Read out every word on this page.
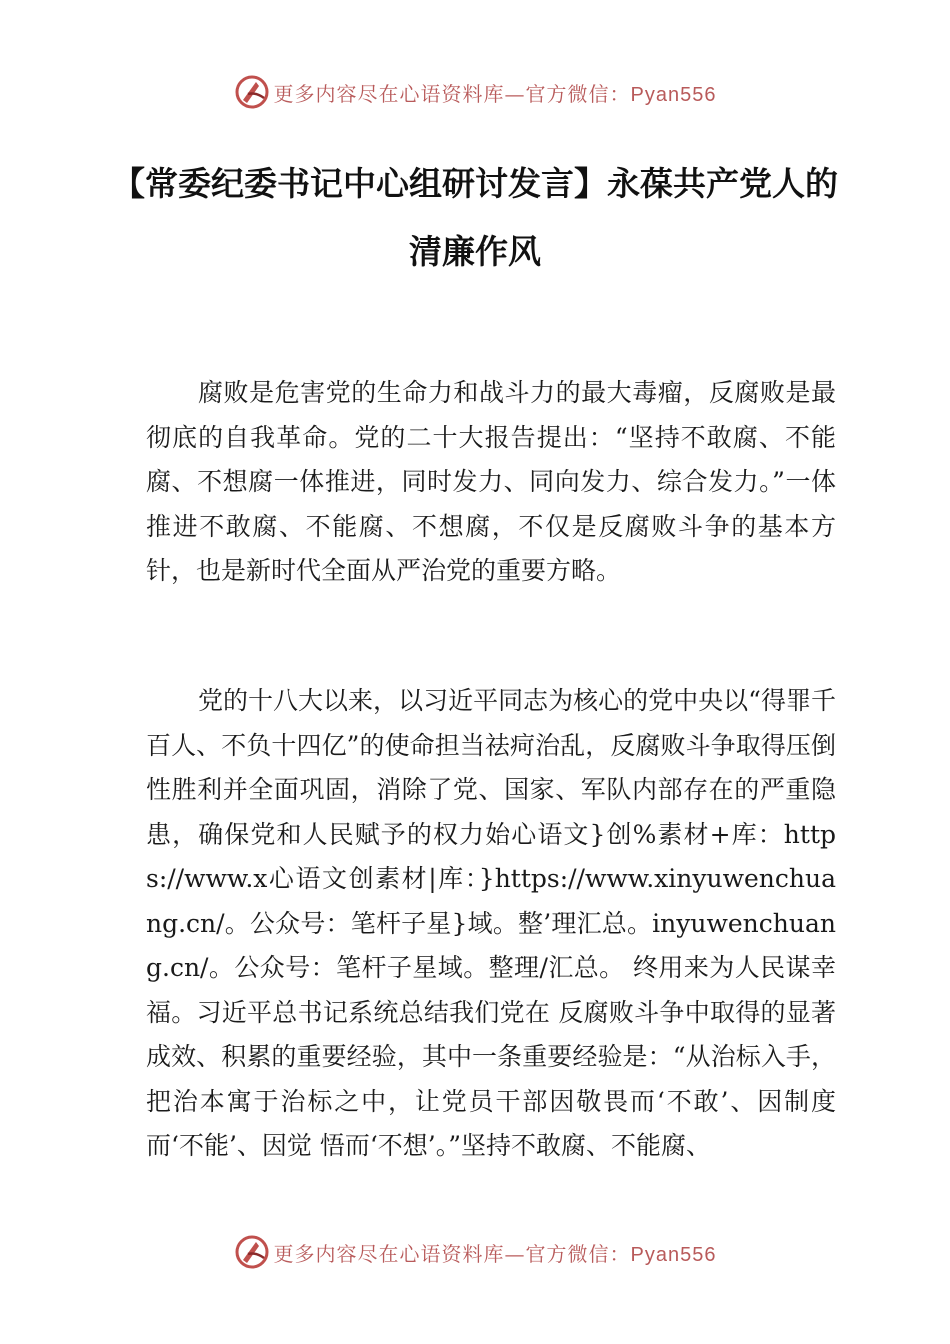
更多内容尽在心语资料库—官方微信：Pyan556
【常委纪委书记中心组研讨发言】永葆共产党人的清廉作风

腐败是危害党的生命力和战斗力的最大毒瘤，反腐败是最彻底的自我革命。党的二十大报告提出：“坚持不敢腐、不能腐、不想腐一体推进，同时发力、同向发力、综合发力。”一体推进不敢腐、不能腐、不想腐，不仅是反腐败斗争的基本方针，也是新时代全面从严治党的重要方略。

党的十八大以来，以习近平同志为核心的党中央以“得罪千百人、不负十四亿”的使命担当祛疴治乱，反腐败斗争取得压倒性胜利并全面巩固，消除了党、国家、军队内部存在的严重隐患，确保党和人民赋予的权力始心语文}创%素材+库：https://www.x心语文创素材|库：}https://www.xinyuwenchuang.cn/。公众号：笔杆子星}域。整’理汇总。inyuwenchuang.cn/。公众号：笔杆子星域。整理/汇总。 终用来为人民谋幸福。习近平总书记系统总结我们党在 反腐败斗争中取得的显著成效、积累的重要经验，其中一条重要经验是：“从治标入手，把治本寓于治标之中，让党员干部因敬畏而‘不敢’、因制度而‘不能’、因觉 悟而‘不想’。”坚持不敢腐、不能腐、

更多内容尽在心语资料库—官方微信：Pyan556
